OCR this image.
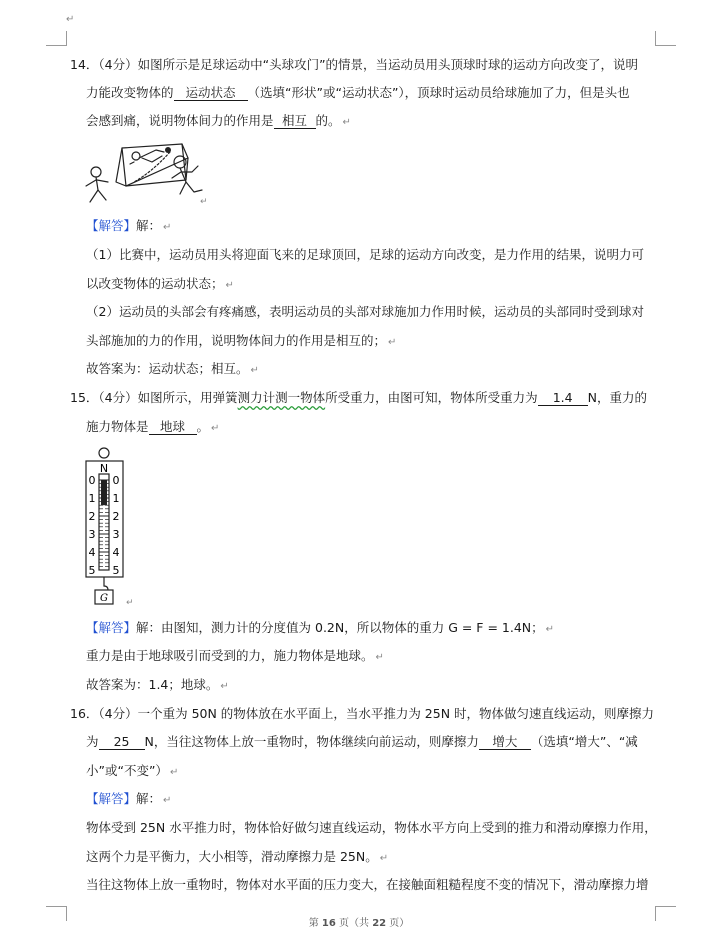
↵
14．（4分）如图所示是足球运动中“头球攻门”的情景，当运动员用头顶球时球的运动方向改变了，说明
力能改变物体的 运动状态 （选填“形状”或“运动状态”），顶球时运动员给球施加了力，但是头也
会感到痛，说明物体间力的作用是 相互 的。 ↵
↵
【解答】解： ↵
（1）比赛中，运动员用头将迎面飞来的足球顶回，足球的运动方向改变，是力作用的结果，说明力可
以改变物体的运动状态； ↵
（2）运动员的头部会有疼痛感，表明运动员的头部对球施加力作用时候，运动员的头部同时受到球对
头部施加的力的作用，说明物体间力的作用是相互的； ↵
故答案为：运动状态；相互。 ↵
15．（4分）如图所示，用弹簧测力计测一物体所受重力，由图可知，物体所受重力为 1.4 N，重力的
施力物体是 地球 。 ↵
N
0 0
1 1
2 2
3 3
4 4
5 5
G ↵
【解答】解：由图知，测力计的分度值为 0.2N，所以物体的重力 G = F = 1.4N； ↵
重力是由于地球吸引而受到的力，施力物体是地球。 ↵
故答案为：1.4；地球。 ↵
16．（4分）一个重为 50N 的物体放在水平面上，当水平推力为 25N 时，物体做匀速直线运动，则摩擦力
为 25 N，当往这物体上放一重物时，物体继续向前运动，则摩擦力 增大 （选填“增大”、“减
小”或“不变”） ↵
【解答】解： ↵
物体受到 25N 水平推力时，物体恰好做匀速直线运动，物体水平方向上受到的推力和滑动摩擦力作用，
这两个力是平衡力，大小相等，滑动摩擦力是 25N。 ↵
当往这物体上放一重物时，物体对水平面的压力变大，在接触面粗糙程度不变的情况下，滑动摩擦力增
第 16 页（共 22 页）
